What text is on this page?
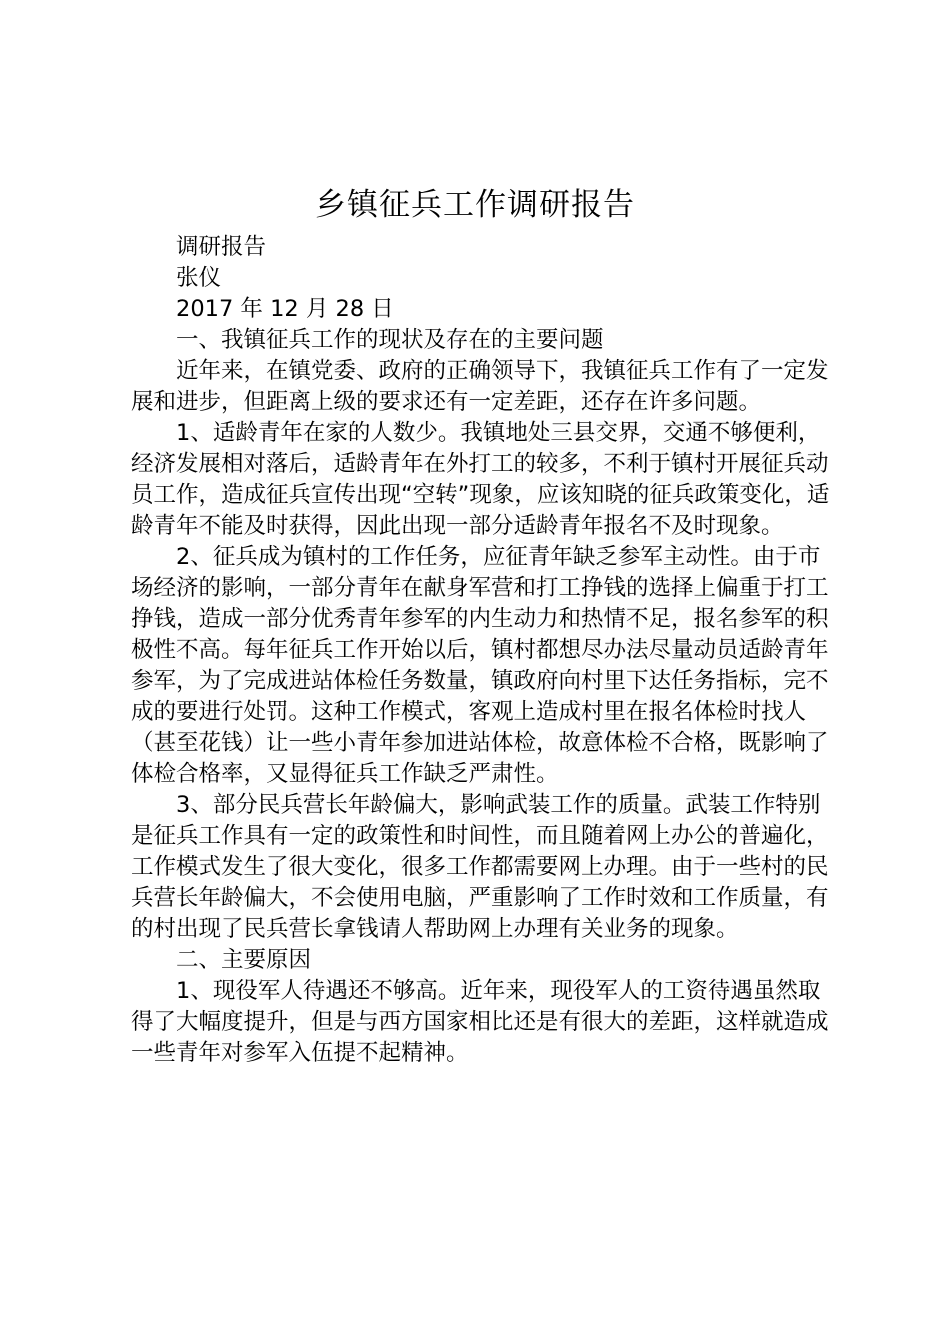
乡镇征兵工作调研报告

调研报告

张仪

2017 年 12 月 28 日

一、我镇征兵工作的现状及存在的主要问题

近年来，在镇党委、政府的正确领导下，我镇征兵工作有了一定发展和进步，但距离上级的要求还有一定差距，还存在许多问题。

1、适龄青年在家的人数少。我镇地处三县交界，交通不够便利，经济发展相对落后，适龄青年在外打工的较多，不利于镇村开展征兵动员工作，造成征兵宣传出现“空转”现象，应该知晓的征兵政策变化，适龄青年不能及时获得，因此出现一部分适龄青年报名不及时现象。

2、征兵成为镇村的工作任务，应征青年缺乏参军主动性。由于市场经济的影响，一部分青年在献身军营和打工挣钱的选择上偏重于打工挣钱，造成一部分优秀青年参军的内生动力和热情不足，报名参军的积极性不高。每年征兵工作开始以后，镇村都想尽办法尽量动员适龄青年参军，为了完成进站体检任务数量，镇政府向村里下达任务指标，完不成的要进行处罚。这种工作模式，客观上造成村里在报名体检时找人（甚至花钱）让一些小青年参加进站体检，故意体检不合格，既影响了体检合格率，又显得征兵工作缺乏严肃性。

3、部分民兵营长年龄偏大，影响武装工作的质量。武装工作特别是征兵工作具有一定的政策性和时间性，而且随着网上办公的普遍化，工作模式发生了很大变化，很多工作都需要网上办理。由于一些村的民兵营长年龄偏大，不会使用电脑，严重影响了工作时效和工作质量，有的村出现了民兵营长拿钱请人帮助网上办理有关业务的现象。

二、主要原因

1、现役军人待遇还不够高。近年来，现役军人的工资待遇虽然取得了大幅度提升，但是与西方国家相比还是有很大的差距，这样就造成一些青年对参军入伍提不起精神。
